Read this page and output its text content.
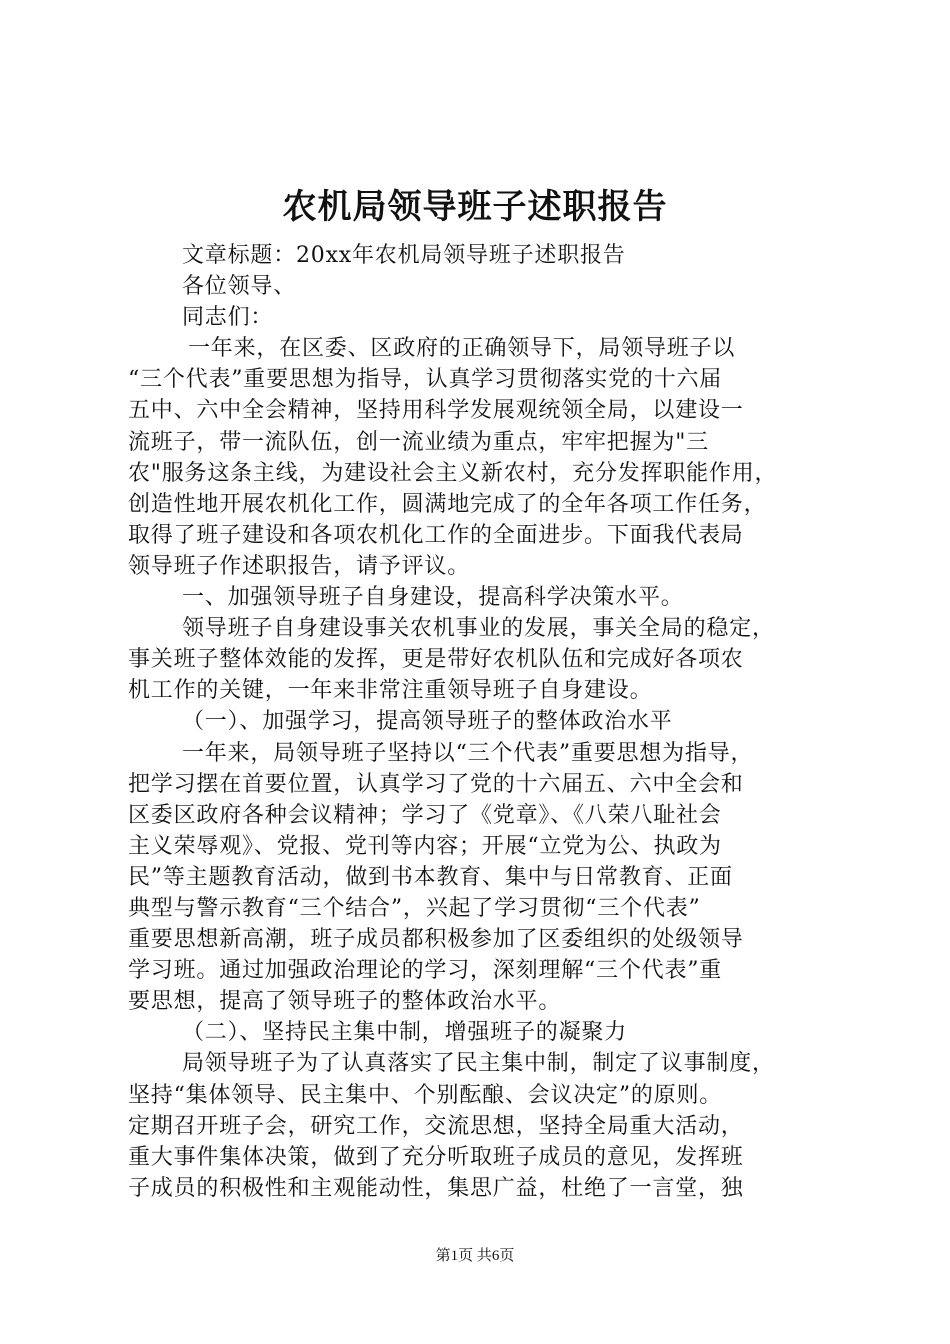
农机局领导班子述职报告
文章标题：20xx年农机局领导班子述职报告
各位领导、
同志们：
一年来，在区委、区政府的正确领导下，局领导班子以
“三个代表”重要思想为指导，认真学习贯彻落实党的十六届
五中、六中全会精神，坚持用科学发展观统领全局，以建设一
流班子，带一流队伍，创一流业绩为重点，牢牢把握为"三
农"服务这条主线，为建设社会主义新农村，充分发挥职能作用，
创造性地开展农机化工作，圆满地完成了的全年各项工作任务，
取得了班子建设和各项农机化工作的全面进步。下面我代表局
领导班子作述职报告，请予评议。
一、加强领导班子自身建设，提高科学决策水平。
领导班子自身建设事关农机事业的发展，事关全局的稳定，
事关班子整体效能的发挥，更是带好农机队伍和完成好各项农
机工作的关键，一年来非常注重领导班子自身建设。
（一）、加强学习，提高领导班子的整体政治水平
一年来，局领导班子坚持以“三个代表”重要思想为指导，
把学习摆在首要位置，认真学习了党的十六届五、六中全会和
区委区政府各种会议精神；学习了《党章》、《八荣八耻社会
主义荣辱观》、党报、党刊等内容；开展“立党为公、执政为
民”等主题教育活动，做到书本教育、集中与日常教育、正面
典型与警示教育“三个结合”，兴起了学习贯彻“三个代表”
重要思想新高潮，班子成员都积极参加了区委组织的处级领导
学习班。通过加强政治理论的学习，深刻理解“三个代表”重
要思想，提高了领导班子的整体政治水平。
（二）、坚持民主集中制，增强班子的凝聚力
局领导班子为了认真落实了民主集中制，制定了议事制度，
坚持“集体领导、民主集中、个别酝酿、会议决定”的原则。
定期召开班子会，研究工作，交流思想，坚持全局重大活动，
重大事件集体决策，做到了充分听取班子成员的意见，发挥班
子成员的积极性和主观能动性，集思广益，杜绝了一言堂，独
第1页 共6页
